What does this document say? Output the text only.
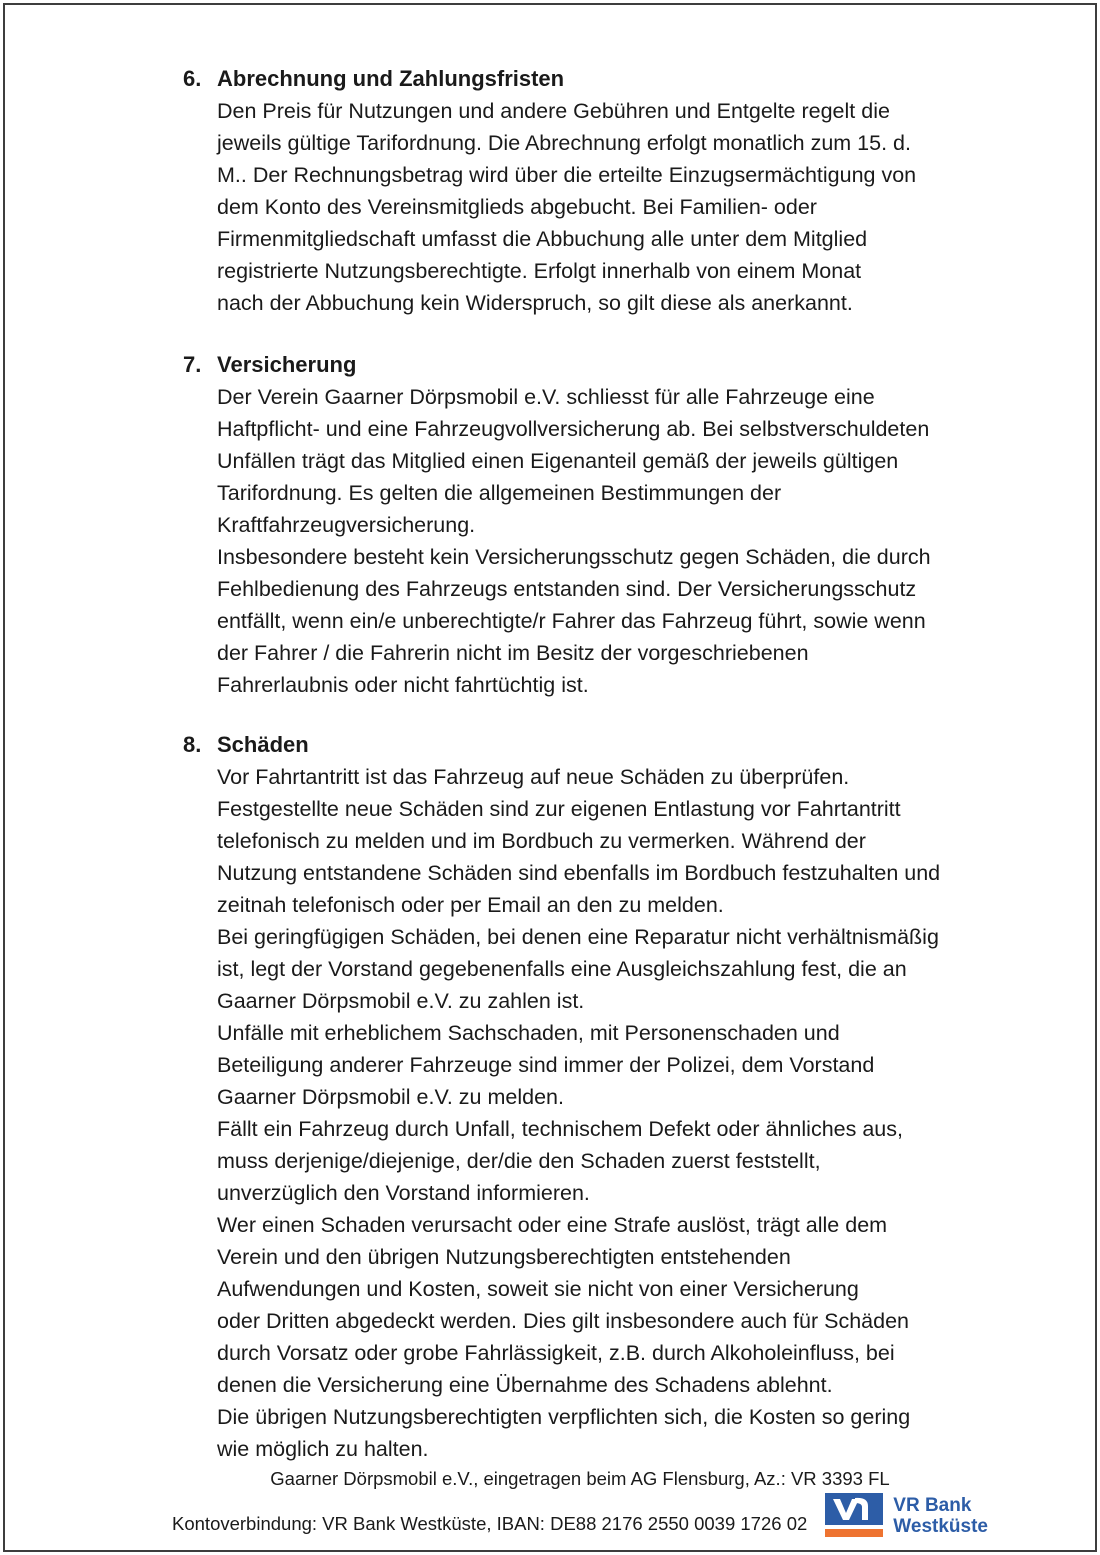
6. Abrechnung und Zahlungsfristen
Den Preis für Nutzungen und andere Gebühren und Entgelte regelt die
jeweils gültige Tarifordnung. Die Abrechnung erfolgt monatlich zum 15. d.
M.. Der Rechnungsbetrag wird über die erteilte Einzugsermächtigung von
dem Konto des Vereinsmitglieds abgebucht. Bei Familien- oder
Firmenmitgliedschaft umfasst die Abbuchung alle unter dem Mitglied
registrierte Nutzungsberechtigte. Erfolgt innerhalb von einem Monat
nach der Abbuchung kein Widerspruch, so gilt diese als anerkannt.
7. Versicherung
Der Verein Gaarner Dörpsmobil e.V. schliesst für alle Fahrzeuge eine
Haftpflicht- und eine Fahrzeugvollversicherung ab. Bei selbstverschuldeten
Unfällen trägt das Mitglied einen Eigenanteil gemäß der jeweils gültigen
Tarifordnung. Es gelten die allgemeinen Bestimmungen der
Kraftfahrzeugversicherung.
Insbesondere besteht kein Versicherungsschutz gegen Schäden, die durch
Fehlbedienung des Fahrzeugs entstanden sind. Der Versicherungsschutz
entfällt, wenn ein/e unberechtigte/r Fahrer das Fahrzeug führt, sowie wenn
der Fahrer / die Fahrerin nicht im Besitz der vorgeschriebenen
Fahrerlaubnis oder nicht fahrtüchtig ist.
8. Schäden
Vor Fahrtantritt ist das Fahrzeug auf neue Schäden zu überprüfen.
Festgestellte neue Schäden sind zur eigenen Entlastung vor Fahrtantritt
telefonisch zu melden und im Bordbuch zu vermerken. Während der
Nutzung entstandene Schäden sind ebenfalls im Bordbuch festzuhalten und
zeitnah telefonisch oder per Email an den zu melden.
Bei geringfügigen Schäden, bei denen eine Reparatur nicht verhältnismäßig
ist, legt der Vorstand gegebenenfalls eine Ausgleichszahlung fest, die an
Gaarner Dörpsmobil e.V. zu zahlen ist.
Unfälle mit erheblichem Sachschaden, mit Personenschaden und
Beteiligung anderer Fahrzeuge sind immer der Polizei, dem Vorstand
Gaarner Dörpsmobil e.V. zu melden.
Fällt ein Fahrzeug durch Unfall, technischem Defekt oder ähnliches aus,
muss derjenige/diejenige, der/die den Schaden zuerst feststellt,
unverzüglich den Vorstand informieren.
Wer einen Schaden verursacht oder eine Strafe auslöst, trägt alle dem
Verein und den übrigen Nutzungsberechtigten entstehenden
Aufwendungen und Kosten, soweit sie nicht von einer Versicherung
oder Dritten abgedeckt werden. Dies gilt insbesondere auch für Schäden
durch Vorsatz oder grobe Fahrlässigkeit, z.B. durch Alkoholeinfluss, bei
denen die Versicherung eine Übernahme des Schadens ablehnt.
Die übrigen Nutzungsberechtigten verpflichten sich, die Kosten so gering
wie möglich zu halten.
Gaarner Dörpsmobil e.V., eingetragen beim AG Flensburg, Az.: VR 3393 FL
Kontoverbindung: VR Bank Westküste, IBAN: DE88 2176 2550 0039 1726 02
VR Bank
Westküste
